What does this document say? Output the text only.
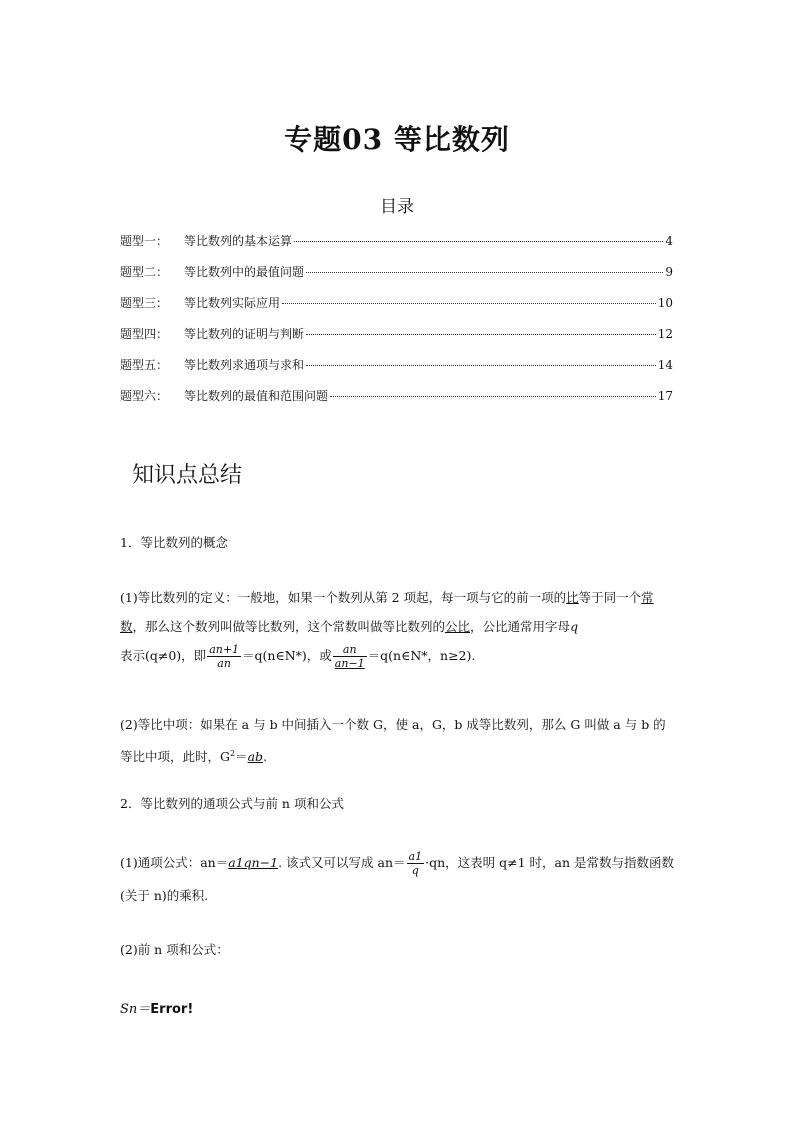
专题03 等比数列
目录
题型一：	等比数列的基本运算	4
题型二：	等比数列中的最值问题	9
题型三：	等比数列实际应用	10
题型四：	等比数列的证明与判断	12
题型五：	等比数列求通项与求和	14
题型六：	等比数列的最值和范围问题	17
知识点总结
1．等比数列的概念
(1)等比数列的定义：一般地，如果一个数列从第 2 项起，每一项与它的前一项的比等于同一个常数，那么这个数列叫做等比数列，这个常数叫做等比数列的公比，公比通常用字母q
表示(q≠0)，即 $\frac{an+1}{an}$ ＝q(n∈N*)，或 $\frac{an}{an-1}$ ＝q(n∈N*，n≥2).
(2)等比中项：如果在 a 与 b 中间插入一个数 G，使 a，G，b 成等比数列，那么 G 叫做 a 与 b 的等比中项，此时，$G^2=ab$.
2．等比数列的通项公式与前 n 项和公式
(1)通项公式：an＝a1qn−1. 该式又可以写成 $an= \frac{a1}{q} \cdot qn$，这表明 q≠1 时，an 是常数与指数函数(关于 n)的乘积.
(2)前 n 项和公式：
Sn＝Error!
